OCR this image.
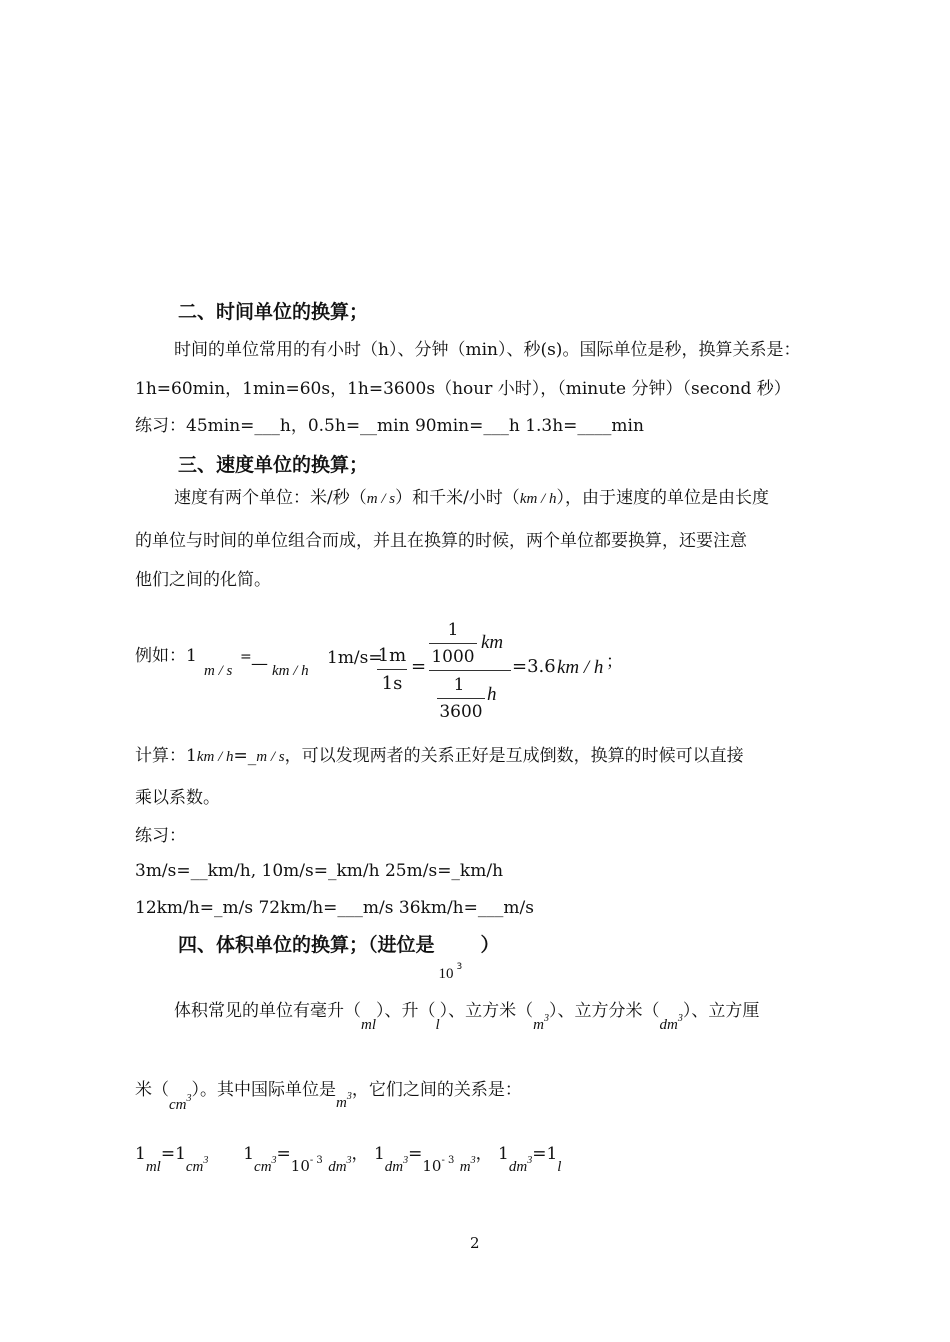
二、时间单位的换算；
时间的单位常用的有小时（h）、分钟（min）、秒(s)。国际单位是秒，换算关系是：
1h=60min，1min=60s，1h=3600s（hour 小时），（minute 分钟）（second 秒）
练习：45min=___h，0.5h=__min 90min=___h 1.3h=____min
三、速度单位的换算；
速度有两个单位：米/秒（m / s）和千米/小时（km / h），由于速度的单位是由长度
的单位与时间的单位组合而成，并且在换算的时候，两个单位都要换算，还要注意
他们之间的化简。
例如：1
m / s
= — km / h
1m/s=
$\frac{1m}{1s} = 1$
1000
km
1
3600
h =3.6 km / h ；
计算：1km / h=_m / s，可以发现两者的关系正好是互成倒数，换算的时候可以直接
乘以系数。
练习：
3m/s=__km/h, 10m/s=_km/h 25m/s=_km/h
12km/h=_m/s 72km/h=___m/s 36km/h=___m/s
四、体积单位的换算；（进位是
10 3
）
体积常见的单位有毫升（ml）、升（l）、立方米$(m^3)$、立方分米$(dm^3)$、立方厘
米$(cm^3)$。其中国际单位是$m^3$，它们之间的关系是：
$1ml=1cm^3$ $1cm^3=10^{- 3}$ $dm^3$， $1dm^3=10^{- 3}$ $m^3$， $1dm^3=1l$
2
